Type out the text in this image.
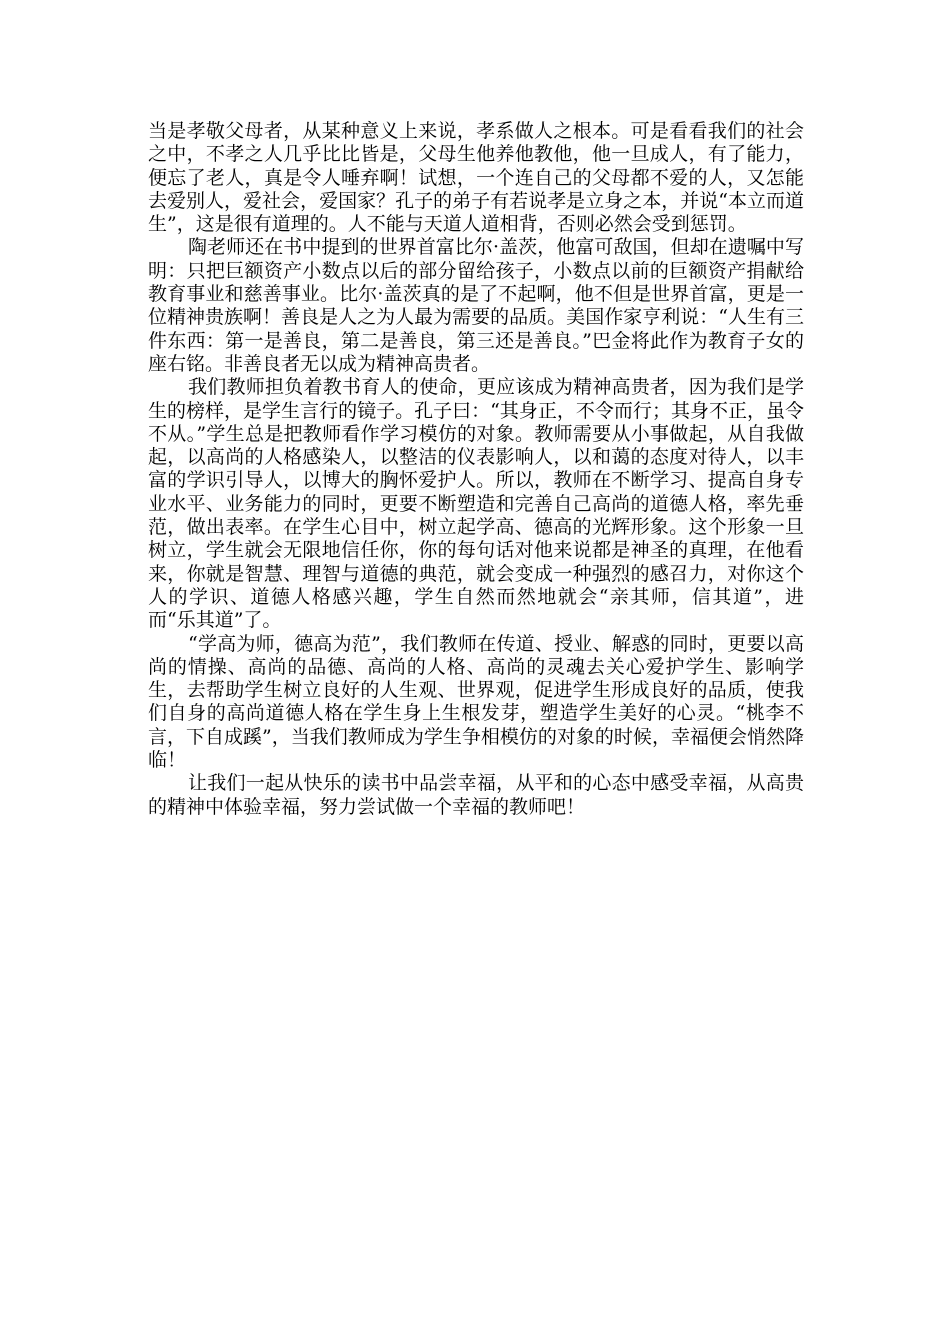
当是孝敬父母者，从某种意义上来说，孝系做人之根本。可是看看我们的社会之中，不孝之人几乎比比皆是，父母生他养他教他，他一旦成人，有了能力，便忘了老人，真是令人唾弃啊！试想，一个连自己的父母都不爱的人，又怎能去爱别人，爱社会，爱国家？孔子的弟子有若说孝是立身之本，并说“本立而道生”，这是很有道理的。人不能与天道人道相背，否则必然会受到惩罚。

陶老师还在书中提到的世界首富比尔·盖茨，他富可敌国，但却在遗嘱中写明：只把巨额资产小数点以后的部分留给孩子，小数点以前的巨额资产捐献给教育事业和慈善事业。比尔·盖茨真的是了不起啊，他不但是世界首富，更是一位精神贵族啊！善良是人之为人最为需要的品质。美国作家亨利说：“人生有三件东西：第一是善良，第二是善良，第三还是善良。”巴金将此作为教育子女的座右铭。非善良者无以成为精神高贵者。

我们教师担负着教书育人的使命，更应该成为精神高贵者，因为我们是学生的榜样，是学生言行的镜子。孔子曰：“其身正，不令而行；其身不正，虽令不从。”学生总是把教师看作学习模仿的对象。教师需要从小事做起，从自我做起，以高尚的人格感染人，以整洁的仪表影响人，以和蔼的态度对待人，以丰富的学识引导人，以博大的胸怀爱护人。所以，教师在不断学习、提高自身专业水平、业务能力的同时，更要不断塑造和完善自己高尚的道德人格，率先垂范，做出表率。在学生心目中，树立起学高、德高的光辉形象。这个形象一旦树立，学生就会无限地信任你，你的每句话对他来说都是神圣的真理，在他看来，你就是智慧、理智与道德的典范，就会变成一种强烈的感召力，对你这个人的学识、道德人格感兴趣，学生自然而然地就会“亲其师，信其道”，进而“乐其道”了。

“学高为师，德高为范”，我们教师在传道、授业、解惑的同时，更要以高尚的情操、高尚的品德、高尚的人格、高尚的灵魂去关心爱护学生、影响学生，去帮助学生树立良好的人生观、世界观，促进学生形成良好的品质，使我们自身的高尚道德人格在学生身上生根发芽，塑造学生美好的心灵。“桃李不言，下自成蹊”，当我们教师成为学生争相模仿的对象的时候，幸福便会悄然降临！

让我们一起从快乐的读书中品尝幸福，从平和的心态中感受幸福，从高贵的精神中体验幸福，努力尝试做一个幸福的教师吧！
